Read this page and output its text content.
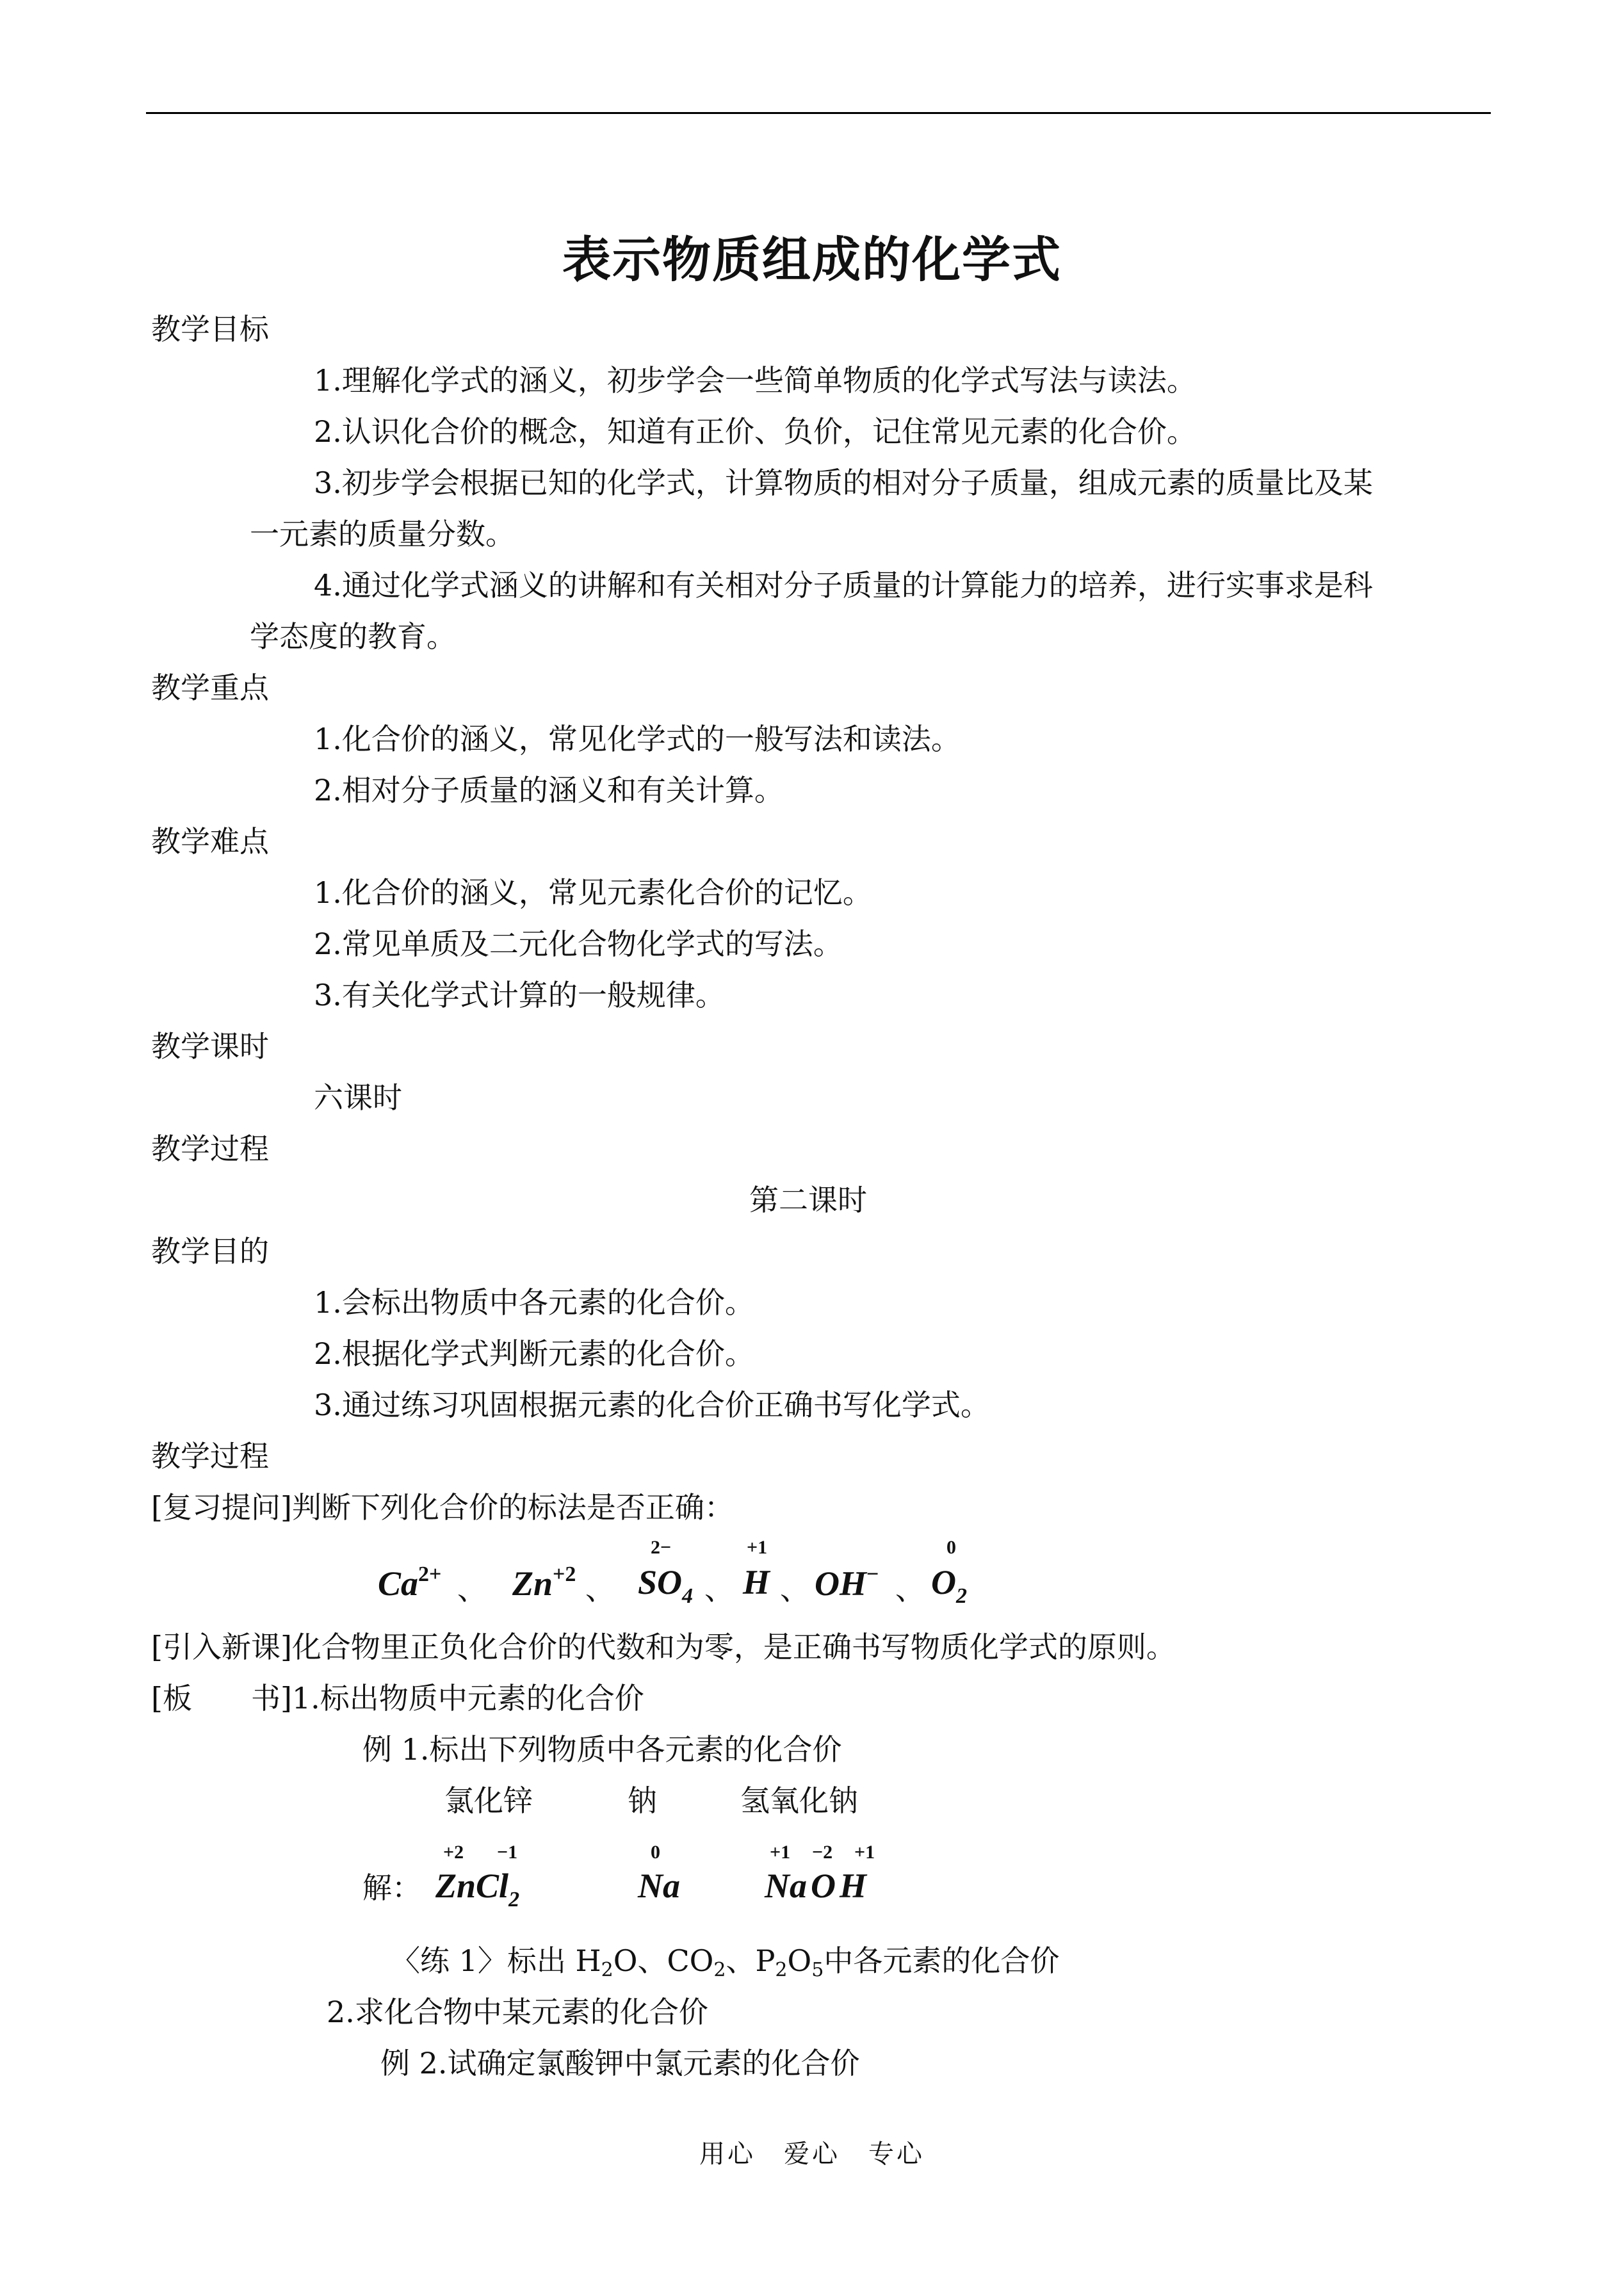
表示物质组成的化学式
教学目标
1.理解化学式的涵义，初步学会一些简单物质的化学式写法与读法。
2.认识化合价的概念，知道有正价、负价，记住常见元素的化合价。
3.初步学会根据已知的化学式，计算物质的相对分子质量，组成元素的质量比及某
一元素的质量分数。
4.通过化学式涵义的讲解和有关相对分子质量的计算能力的培养，进行实事求是科
学态度的教育。
教学重点
1.化合价的涵义，常见化学式的一般写法和读法。
2.相对分子质量的涵义和有关计算。
教学难点
1.化合价的涵义，常见元素化合价的记忆。
2.常见单质及二元化合物化学式的写法。
3.有关化学式计算的一般规律。
教学课时
六课时
教学过程
第二课时
教学目的
1.会标出物质中各元素的化合价。
2.根据化学式判断元素的化合价。
3.通过练习巩固根据元素的化合价正确书写化学式。
教学过程
[复习提问]判断下列化合价的标法是否正确：
$Ca^{2+}$ 、 $Zn^{+2}$ 、
2−
$SO_4$ 、
+1
H 、 OH− 、
0
$O_2$
[引入新课]化合物里正负化合价的代数和为零，是正确书写物质化学式的原则。
[板　　书]1.标出物质中元素的化合价
例 1.标出下列物质中各元素的化合价
氯化锌	钠	氢氧化钠
解：
+2 −1
ZnCl$_2$
0
Na
+1 −2 +1
Na O H
〈练 1〉标出 H2O、CO2、P2O5中各元素的化合价
2.求化合物中某元素的化合价
例 2.试确定氯酸钾中氯元素的化合价
用心　爱心　专心
